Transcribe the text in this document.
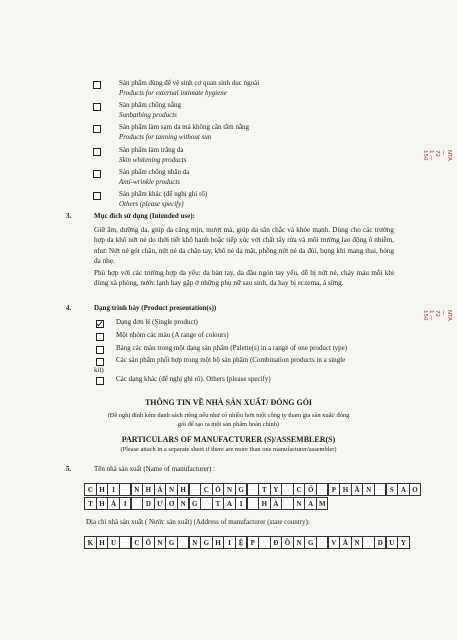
Sản phẩm dùng để vệ sinh cơ quan sinh dục ngoài
Products for external intimate hygiene
Sản phẩm chống nắng
Sunbathing products
Sản phẩm làm sạm da mà không cần tắm nắng
Products for tanning without sun
Sản phẩm làm trắng da
Skin whitening products
Sản phẩm chống nhăn da
Anti-wrinkle products
Sản phẩm khác (để nghị ghi rõ)
Others (please specify)
3.	Mục đích sử dụng (Intended use):
Giữ ẩm, dưỡng da, giúp da căng mịn, mượt mà, giúp da săn chắc và khỏe mạnh. Dùng cho các trường hợp da khô nứt nẻ do thời tiết khô hanh hoặc tiếp xúc với chất tẩy rửa và môi trường lao động ô nhiễm, như: Nứt nẻ gót chân, nứt nẻ da chân tay, khô nẻ da mặt, phồng nứt nẻ da đùi, bụng khi mang thai, bỏng da nhẹ.
Phù hợp với các trường hợp da yếu: da bàn tay, da đầu ngón tay yếu, dễ bị nứt nẻ, chảy máu mỗi khi dùng xà phòng, nước lạnh hay gặp ở những phụ nữ sau sinh, da hay bị eczema, á sừng.
4.	Dạng trình bày (Product presentation(s))
Dạng đơn lẻ (Single product)
Một nhóm các màu (A range of colours)
Bảng các màu trong một dạng sản phẩm (Palette(s) in a range of one product type)
Các sản phẩm phối hợp trong một bộ sản phẩm (Combination products in a single
kit)
Các dạng khác (để nghị ghi rõ). Others (please specify)
THÔNG TIN VỀ NHÀ SẢN XUẤT/ ĐÓNG GÓI
(Đề nghị đính kèm danh sách riêng nếu như có nhiều hơn một công ty tham gia sản xuất/ đóng
gói để tạo ra một sản phẩm hoàn chỉnh)
PARTICULARS OF MANUFACTURER (S)/ASSEMBLER(S)
(Please attach in a separate sheet if there are more than one manufacturer/assembler)
5.	Tên nhà sản xuất (Name of manufacturer) :
C H	I	N H Á N H	C Ô N G	T Y	C Ổ	P H Ầ N	S	A O
T H Á	I	D Ư Ơ N G	T A	I	H À	N A M
Địa chỉ nhà sản xuất ( Nước sản xuất) (Address of manufacturer (state country):
K H U	C Ô N G	N G H	I	Ệ	P	Đ Ồ N G	V Ă N	D U Y
NTA — 72 1 — 150
NTA — 72 1 — 150
